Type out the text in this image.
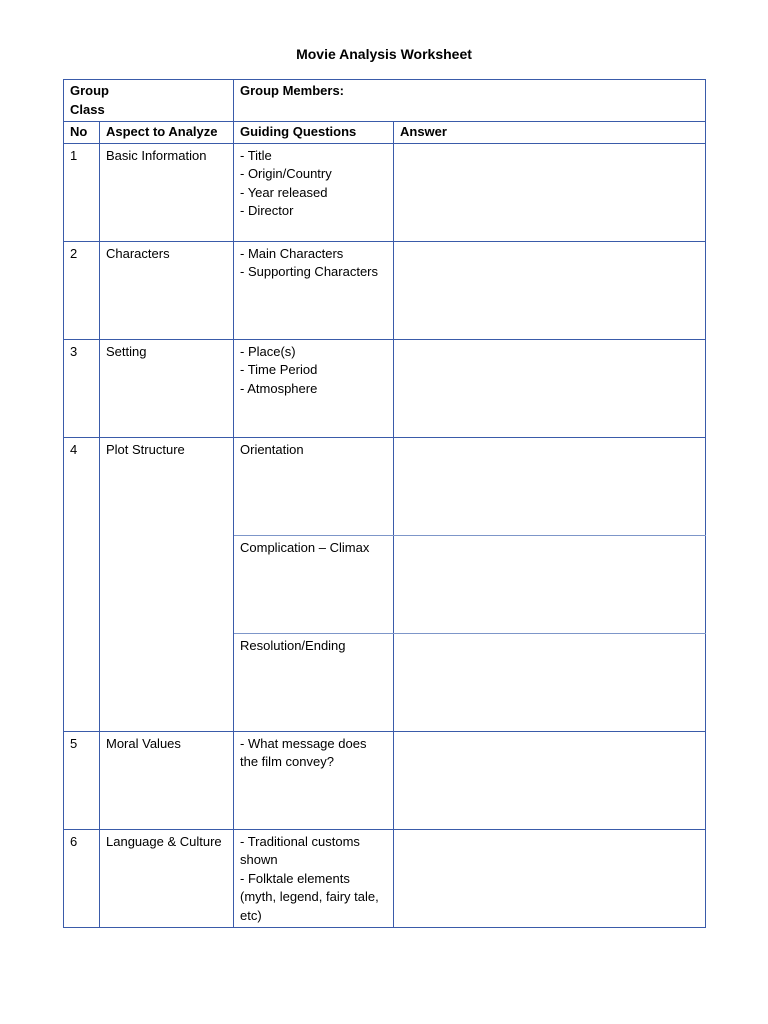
Movie Analysis Worksheet
Group
Class		Group Members:	

No	Aspect to Analyze	Guiding Questions	Answer
1	Basic Information	- Title
- Origin/Country
- Year released
- Director	

2	Characters	- Main Characters
- Supporting Characters	

3	Setting	- Place(s)
- Time Period
- Atmosphere	

4	Plot Structure	Orientation	
		Complication – Climax	
		Resolution/Ending	
5	Moral Values	- What message does the film convey?	

6	Language & Culture	- Traditional customs shown
- Folktale elements (myth, legend, fairy tale, etc)	
